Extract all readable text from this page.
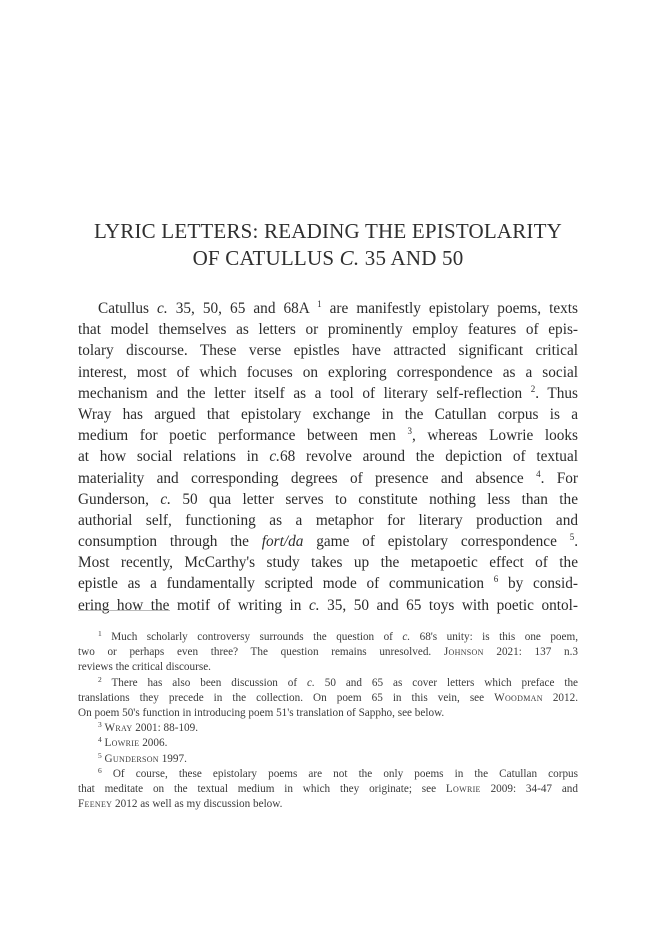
LYRIC LETTERS: READING THE EPISTOLARITY
OF CATULLUS C. 35 AND 50
Catullus c. 35, 50, 65 and 68A $^1$ are manifestly epistolary poems, texts
that model themselves as letters or prominently employ features of epis-
tolary discourse. These verse epistles have attracted significant critical
interest, most of which focuses on exploring correspondence as a social
mechanism and the letter itself as a tool of literary self-reflection $^2$. Thus
Wray has argued that epistolary exchange in the Catullan corpus is a
medium for poetic performance between men $^3$, whereas Lowrie looks
at how social relations in c.68 revolve around the depiction of textual
materiality and corresponding degrees of presence and absence $^4$. For
Gunderson, c. 50 qua letter serves to constitute nothing less than the
authorial self, functioning as a metaphor for literary production and
consumption through the fort/da game of epistolary correspondence $^5$.
Most recently, McCarthy's study takes up the metapoetic effect of the
epistle as a fundamentally scripted mode of communication $^6$ by consid-
ering how the motif of writing in c. 35, 50 and 65 toys with poetic ontol-
$^1$ Much scholarly controversy surrounds the question of c. 68's unity: is this one poem,
two or perhaps even three? The question remains unresolved. Johnson 2021: 137 n.3
reviews the critical discourse.
$^2$ There has also been discussion of c. 50 and 65 as cover letters which preface the
translations they precede in the collection. On poem 65 in this vein, see Woodman 2012.
On poem 50's function in introducing poem 51's translation of Sappho, see below.
$^3$ Wray 2001: 88-109.
$^4$ Lowrie 2006.
$^5$ Gunderson 1997.
$^6$ Of course, these epistolary poems are not the only poems in the Catullan corpus
that meditate on the textual medium in which they originate; see Lowrie 2009: 34-47 and
Feeney 2012 as well as my discussion below.
